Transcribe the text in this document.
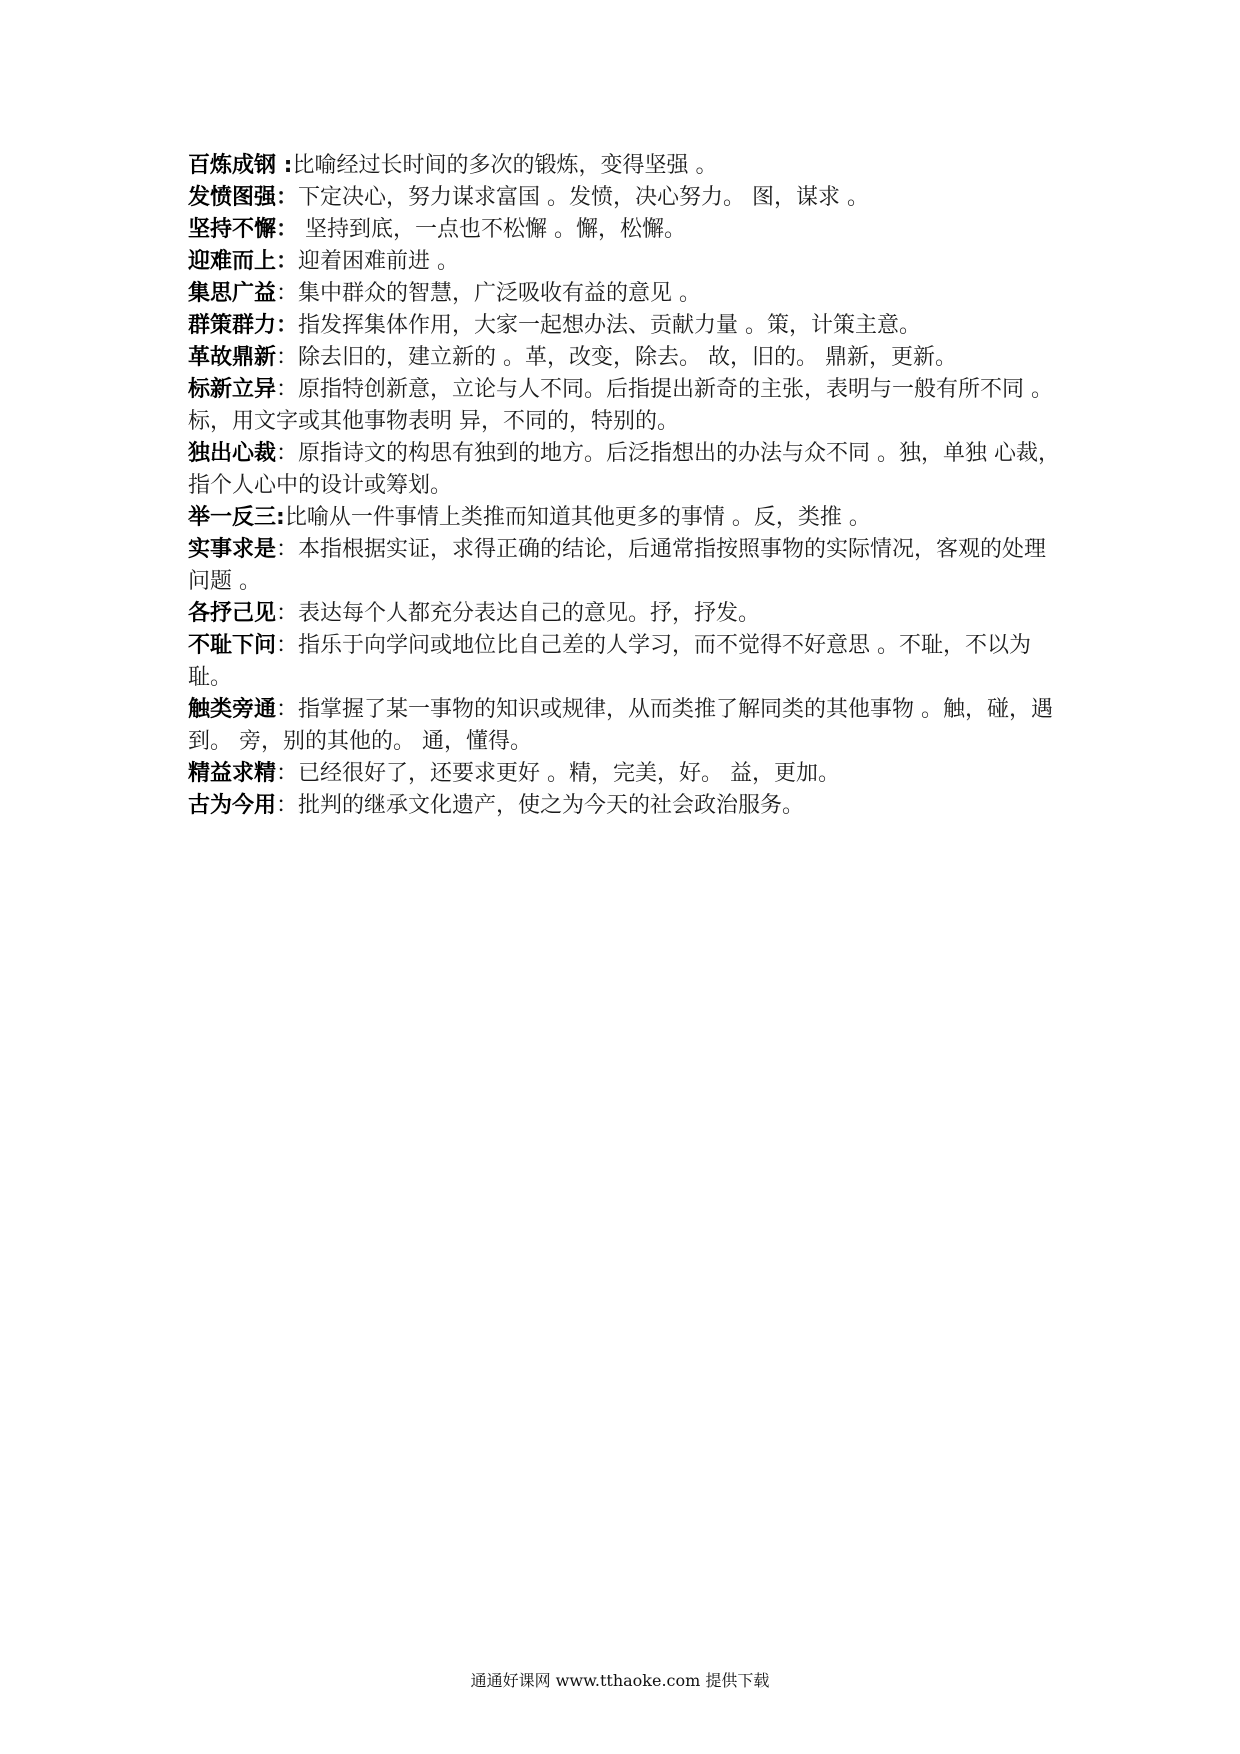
百炼成钢 :比喻经过长时间的多次的锻炼，变得坚强 。

发愤图强：下定决心，努力谋求富国 。发愤，决心努力。 图，谋求 。

坚持不懈： 坚持到底，一点也不松懈 。懈，松懈。

迎难而上：迎着困难前进 。

集思广益：集中群众的智慧，广泛吸收有益的意见 。

群策群力：指发挥集体作用，大家一起想办法、贡献力量 。策，计策主意。

革故鼎新：除去旧的，建立新的 。革，改变，除去。 故，旧的。 鼎新，更新。

标新立异：原指特创新意，立论与人不同。后指提出新奇的主张，表明与一般有所不同 。标，用文字或其他事物表明 异，不同的，特别的。

独出心裁：原指诗文的构思有独到的地方。后泛指想出的办法与众不同 。独，单独 心裁，指个人心中的设计或筹划。

举一反三:比喻从一件事情上类推而知道其他更多的事情 。反，类推 。

实事求是：本指根据实证，求得正确的结论，后通常指按照事物的实际情况，客观的处理问题 。

各抒己见：表达每个人都充分表达自己的意见。抒，抒发。

不耻下问：指乐于向学问或地位比自己差的人学习，而不觉得不好意思 。不耻，不以为耻。

触类旁通：指掌握了某一事物的知识或规律，从而类推了解同类的其他事物 。触，碰，遇到。 旁，别的其他的。 通，懂得。

精益求精：已经很好了，还要求更好 。精，完美，好。 益，更加。

古为今用：批判的继承文化遗产，使之为今天的社会政治服务。

通通好课网 www.tthaoke.com 提供下载
